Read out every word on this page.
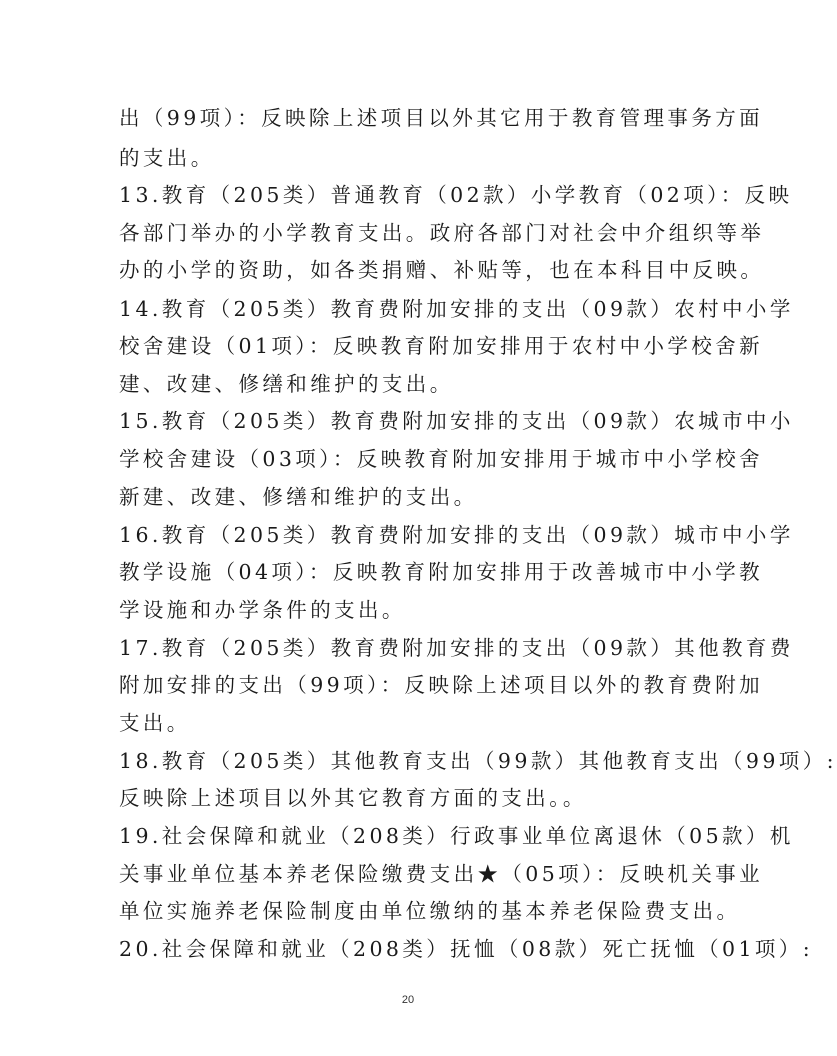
出（99项）：反映除上述项目以外其它用于教育管理事务方面
的支出。
13.教育（205类）普通教育（02款）小学教育（02项）：反映
各部门举办的小学教育支出。政府各部门对社会中介组织等举
办的小学的资助，如各类捐赠、补贴等，也在本科目中反映。
14.教育（205类）教育费附加安排的支出（09款）农村中小学
校舍建设（01项）：反映教育附加安排用于农村中小学校舍新
建、改建、修缮和维护的支出。
15.教育（205类）教育费附加安排的支出（09款）农城市中小
学校舍建设（03项）：反映教育附加安排用于城市中小学校舍
新建、改建、修缮和维护的支出。
16.教育（205类）教育费附加安排的支出（09款）城市中小学
教学设施（04项）：反映教育附加安排用于改善城市中小学教
学设施和办学条件的支出。
17.教育（205类）教育费附加安排的支出（09款）其他教育费
附加安排的支出（99项）：反映除上述项目以外的教育费附加
支出。
18.教育（205类）其他教育支出（99款）其他教育支出（99项）:
反映除上述项目以外其它教育方面的支出。。
19.社会保障和就业（208类）行政事业单位离退休（05款）机
关事业单位基本养老保险缴费支出★（05项）：反映机关事业
单位实施养老保险制度由单位缴纳的基本养老保险费支出。
20.社会保障和就业（208类）抚恤（08款）死亡抚恤（01项）:
20
